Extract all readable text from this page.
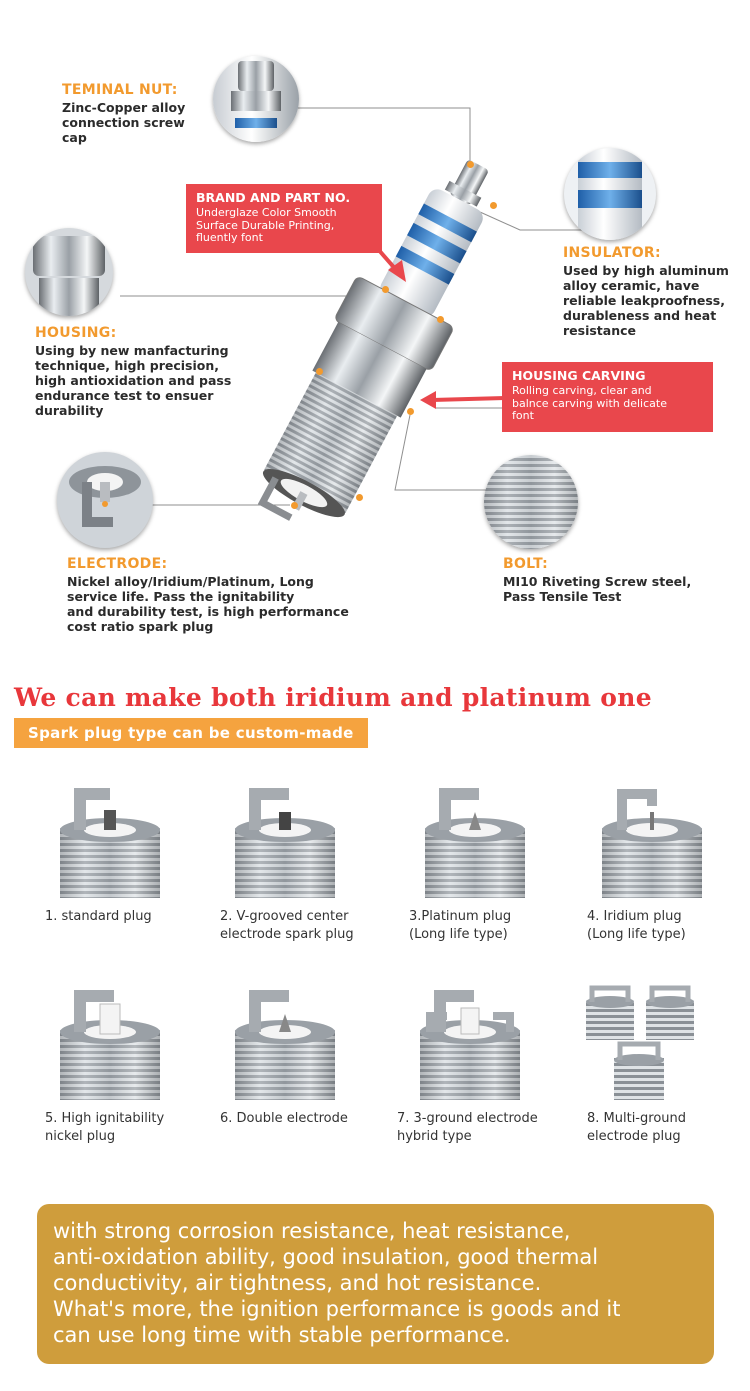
TEMINAL NUT:
Zinc-Copper alloy
connection screw
cap
BRAND AND PART NO.
Underglaze Color Smooth
Surface Durable Printing,
fluently font
INSULATOR:
Used by high aluminum
alloy ceramic, have
reliable leakproofness,
durableness and heat
resistance
HOUSING:
Using by new manfacturing
technique, high precision,
high antioxidation and pass
endurance test to ensuer
durability
HOUSING CARVING
Rolling carving, clear and
balnce carving with delicate
font
ELECTRODE:
Nickel alloy/Iridium/Platinum, Long
service life. Pass the ignitability
and durability test, is high performance
cost ratio spark plug
BOLT:
MI10 Riveting Screw steel,
Pass Tensile Test
We can make both iridium and platinum one
Spark plug type can be custom-made
1. standard plug	2. V-grooved center
electrode spark plug
3.Platinum plug
(Long life type)
4. Iridium plug
(Long life type)
5. High ignitability
nickel plug
6. Double electrode	7. 3-ground electrode
hybrid type
8. Multi-ground
electrode plug
with strong corrosion resistance, heat resistance,
anti-oxidation ability, good insulation, good thermal
conductivity, air tightness, and hot resistance.
What's more, the ignition performance is goods and it
can use long time with stable performance.
